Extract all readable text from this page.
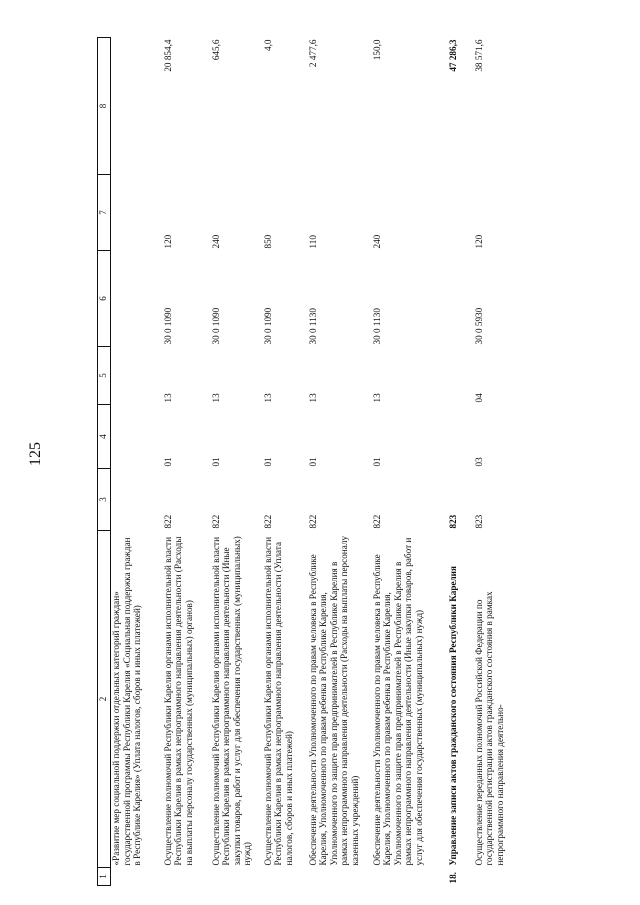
125
1	2	3	4	5	6	7	8
	«Развитие мер социальной поддержки отдельных категорий граждан» государственной программы Республики Карелия «Социальная поддержка граждан в Республике Карелия» (Уплата налогов, сборов и иных платежей)						
	Осуществление полномочий Республики Карелия органами исполнительной власти Республики Карелия в рамках непрограммного направления деятельности (Расходы на выплаты персоналу государственных (муниципальных) органов)	822	01	13	30 0 1090	120	20 854,4
	Осуществление полномочий Республики Карелия органами исполнительной власти Республики Карелия в рамках непрограммного направления деятельности (Иные закупки товаров, работ и услуг для обеспечения государственных (муниципальных) нужд)	822	01	13	30 0 1090	240	645,6
	Осуществление полномочий Республики Карелия органами исполнительной власти Республики Карелия в рамках непрограммного направления деятельности (Уплата налогов, сборов и иных платежей)	822	01	13	30 0 1090	850	4,0
	Обеспечение деятельности Уполномоченного по правам человека в Республике Карелия, Уполномоченного по правам ребенка в Республике Карелия, Уполномоченного по защите прав предпринимателей в Республике Карелия в рамках непрограммного направления деятельности (Расходы на выплаты персоналу казенных учреждений)	822	01	13	30 0 1130	110	2 477,6
	Обеспечение деятельности Уполномоченного по правам человека в Республике Карелия, Уполномоченного по правам ребенка в Республике Карелия, Уполномоченного по защите прав предпринимателей в Республике Карелия в рамках непрограммного направления деятельности (Иные закупки товаров, работ и услуг для обеспечения государственных (муниципальных) нужд)	822	01	13	30 0 1130	240	150,0
18.	Управление записи актов гражданского состояния Республики Карелия	823					47 286,3
	Осуществление переданных полномочий Российской Федерации по государственной регистрации актов гражданского состояния в рамках непрограммного направления деятельно-	823	03	04	30 0 5930	120	38 571,6
